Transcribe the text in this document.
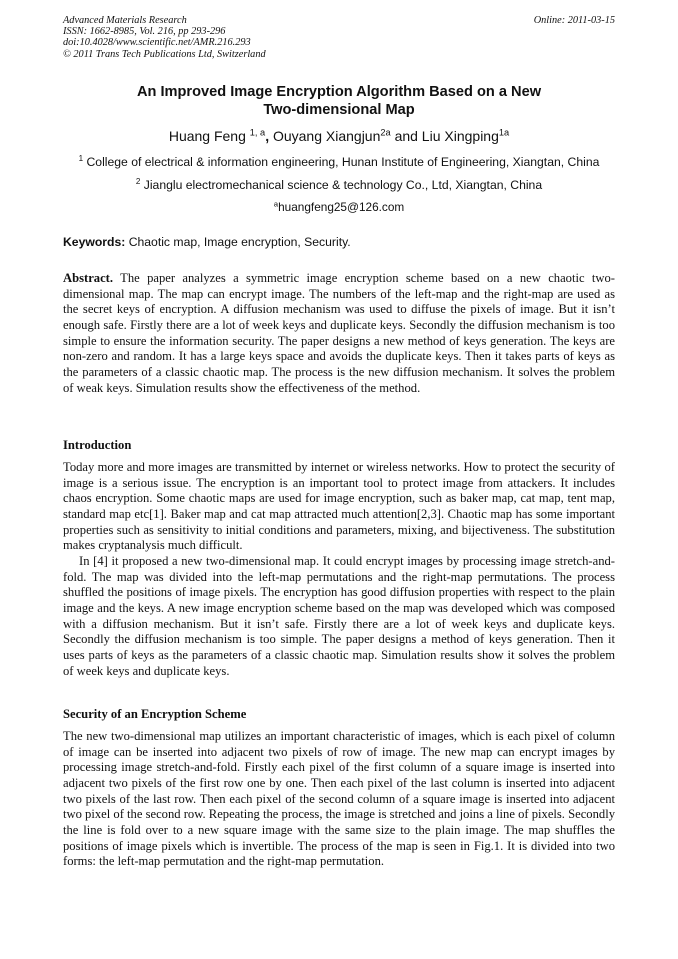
Advanced Materials Research
ISSN: 1662-8985, Vol. 216, pp 293-296
doi:10.4028/www.scientific.net/AMR.216.293
© 2011 Trans Tech Publications Ltd, Switzerland
Online: 2011-03-15
An Improved Image Encryption Algorithm Based on a New
Two-dimensional Map
Huang Feng $^{1, a}$, Ouyang Xiangjun$^{2a}$ and Liu Xingping$^{1a}$
$^1$ College of electrical & information engineering, Hunan Institute of Engineering, Xiangtan, China
$^2$ Jianglu electromechanical science & technology Co., Ltd, Xiangtan, China
$^a$huangfeng25@126.com
Keywords: Chaotic map, Image encryption, Security.

Abstract. The paper analyzes a symmetric image encryption scheme based on a new chaotic two-dimensional map. The map can encrypt image. The numbers of the left-map and the right-map are used as the secret keys of encryption. A diffusion mechanism was used to diffuse the pixels of image. But it isn’t enough safe. Firstly there are a lot of week keys and duplicate keys. Secondly the diffusion mechanism is too simple to ensure the information security. The paper designs a new method of keys generation. The keys are non-zero and random. It has a large keys space and avoids the duplicate keys. Then it takes parts of keys as the parameters of a classic chaotic map. The process is the new diffusion mechanism. It solves the problem of weak keys. Simulation results show the effectiveness of the method.

Introduction

Today more and more images are transmitted by internet or wireless networks. How to protect the security of image is a serious issue. The encryption is an important tool to protect image from attackers. It includes chaos encryption. Some chaotic maps are used for image encryption, such as baker map, cat map, tent map, standard map etc[1]. Baker map and cat map attracted much attention[2,3]. Chaotic map has some important properties such as sensitivity to initial conditions and parameters, mixing, and bijectiveness. The substitution makes cryptanalysis much difficult.

In [4] it proposed a new two-dimensional map. It could encrypt images by processing image stretch-and-fold. The map was divided into the left-map permutations and the right-map permutations. The process shuffled the positions of image pixels. The encryption has good diffusion properties with respect to the plain image and the keys. A new image encryption scheme based on the map was developed which was composed with a diffusion mechanism. But it isn’t safe. Firstly there are a lot of week keys and duplicate keys. Secondly the diffusion mechanism is too simple. The paper designs a method of keys generation. Then it uses parts of keys as the parameters of a classic chaotic map. Simulation results show it solves the problem of week keys and duplicate keys.

Security of an Encryption Scheme

The new two-dimensional map utilizes an important characteristic of images, which is each pixel of column of image can be inserted into adjacent two pixels of row of image. The new map can encrypt images by processing image stretch-and-fold. Firstly each pixel of the first column of a square image is inserted into adjacent two pixels of the first row one by one. Then each pixel of the last column is inserted into adjacent two pixels of the last row. Then each pixel of the second column of a square image is inserted into adjacent two pixel of the second row. Repeating the process, the image is stretched and joins a line of pixels. Secondly the line is fold over to a new square image with the same size to the plain image. The map shuffles the positions of image pixels which is invertible. The process of the map is seen in Fig.1. It is divided into two forms: the left-map permutation and the right-map permutation.
